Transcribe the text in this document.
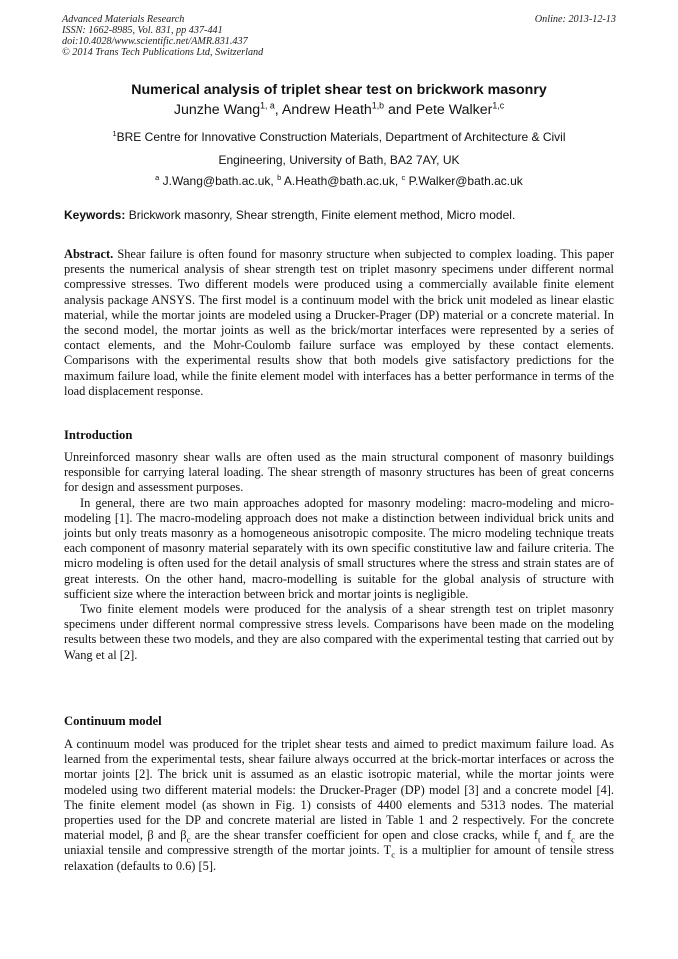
Advanced Materials Research
ISSN: 1662-8985, Vol. 831, pp 437-441
doi:10.4028/www.scientific.net/AMR.831.437
© 2014 Trans Tech Publications Ltd, Switzerland
Online: 2013-12-13
Numerical analysis of triplet shear test on brickwork masonry
Junzhe Wang$^{1, a}$, Andrew Heath$^{1,b}$ and Pete Walker$^{1,c}$
$^1$BRE Centre for Innovative Construction Materials, Department of Architecture & Civil
Engineering, University of Bath, BA2 7AY, UK
$^a$ J.Wang@bath.ac.uk, $^b$ A.Heath@bath.ac.uk, $^c$ P.Walker@bath.ac.uk
Keywords: Brickwork masonry, Shear strength, Finite element method, Micro model.

Abstract. Shear failure is often found for masonry structure when subjected to complex loading. This paper presents the numerical analysis of shear strength test on triplet masonry specimens under different normal compressive stresses. Two different models were produced using a commercially available finite element analysis package ANSYS. The first model is a continuum model with the brick unit modeled as linear elastic material, while the mortar joints are modeled using a Drucker-Prager (DP) material or a concrete material. In the second model, the mortar joints as well as the brick/mortar interfaces were represented by a series of contact elements, and the Mohr-Coulomb failure surface was employed by these contact elements. Comparisons with the experimental results show that both models give satisfactory predictions for the maximum failure load, while the finite element model with interfaces has a better performance in terms of the load displacement response.

Introduction

Unreinforced masonry shear walls are often used as the main structural component of masonry buildings responsible for carrying lateral loading. The shear strength of masonry structures has been of great concerns for design and assessment purposes.

In general, there are two main approaches adopted for masonry modeling: macro-modeling and micro-modeling [1]. The macro-modeling approach does not make a distinction between individual brick units and joints but only treats masonry as a homogeneous anisotropic composite. The micro modeling technique treats each component of masonry material separately with its own specific constitutive law and failure criteria. The micro modeling is often used for the detail analysis of small structures where the stress and strain states are of great interests. On the other hand, macro-modelling is suitable for the global analysis of structure with sufficient size where the interaction between brick and mortar joints is negligible.

Two finite element models were produced for the analysis of a shear strength test on triplet masonry specimens under different normal compressive stress levels. Comparisons have been made on the modeling results between these two models, and they are also compared with the experimental testing that carried out by Wang et al [2].

Continuum model

A continuum model was produced for the triplet shear tests and aimed to predict maximum failure load. As learned from the experimental tests, shear failure always occurred at the brick-mortar interfaces or across the mortar joints [2]. The brick unit is assumed as an elastic isotropic material, while the mortar joints were modeled using two different material models: the Drucker-Prager (DP) model [3] and a concrete model [4]. The finite element model (as shown in Fig. 1) consists of 4400 elements and 5313 nodes. The material properties used for the DP and concrete material are listed in Table 1 and 2 respectively. For the concrete material model, β and $\beta_c$ are the shear transfer coefficient for open and close cracks, while $f_t$ and $f_c$ are the uniaxial tensile and compressive strength of the mortar joints. $T_c$ is a multiplier for amount of tensile stress relaxation (defaults to 0.6) [5].
